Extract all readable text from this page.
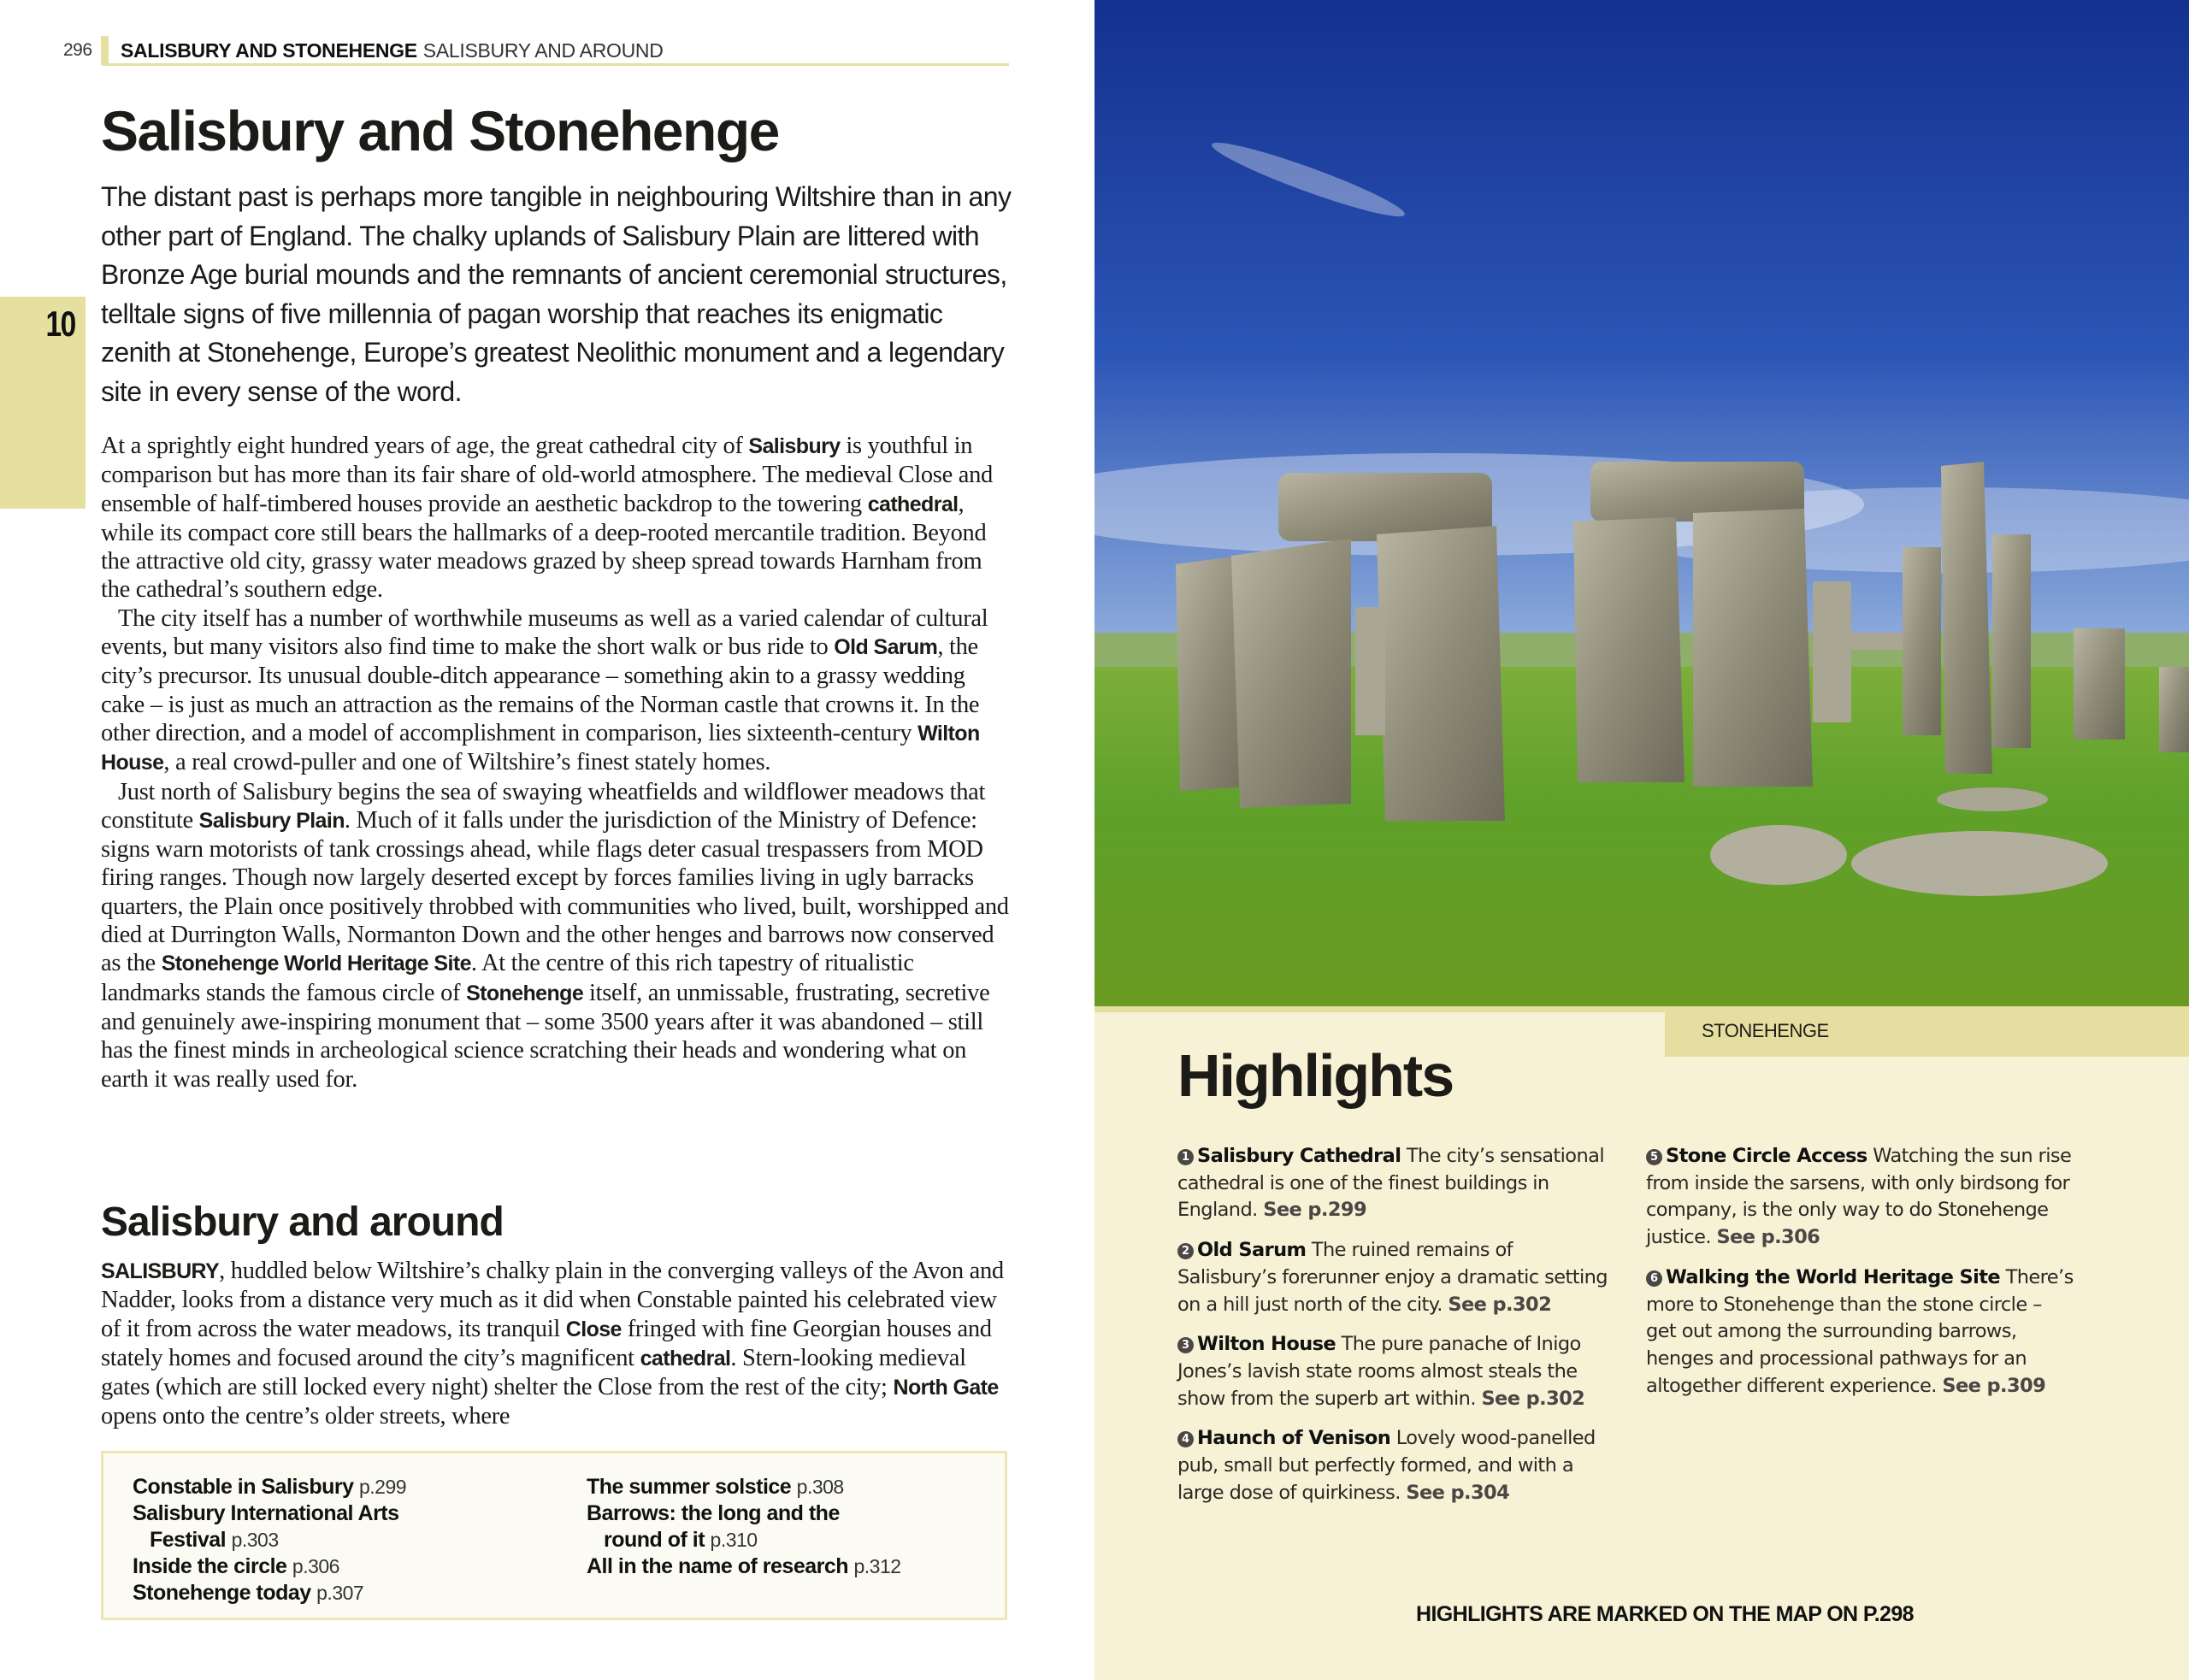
296	SALISBURY AND STONEHENGE SALISBURY AND AROUND
10
Salisbury and Stonehenge

The distant past is perhaps more tangible in neighbouring Wiltshire than in any other part of England. The chalky uplands of Salisbury Plain are littered with Bronze Age burial mounds and the remnants of ancient ceremonial structures, telltale signs of five millennia of pagan worship that reaches its enigmatic zenith at Stonehenge, Europe’s greatest Neolithic monument and a legendary site in every sense of the word.

At a sprightly eight hundred years of age, the great cathedral city of Salisbury is youthful in comparison but has more than its fair share of old-world atmosphere. The medieval Close and ensemble of half-timbered houses provide an aesthetic backdrop to the towering cathedral, while its compact core still bears the hallmarks of a deep-rooted mercantile tradition. Beyond the attractive old city, grassy water meadows grazed by sheep spread towards Harnham from the cathedral’s southern edge.

The city itself has a number of worthwhile museums as well as a varied calendar of cultural events, but many visitors also find time to make the short walk or bus ride to Old Sarum, the city’s precursor. Its unusual double-ditch appearance – something akin to a grassy wedding cake – is just as much an attraction as the remains of the Norman castle that crowns it. In the other direction, and a model of accomplishment in comparison, lies sixteenth-century Wilton House, a real crowd-puller and one of Wiltshire’s finest stately homes.

Just north of Salisbury begins the sea of swaying wheatfields and wildflower meadows that constitute Salisbury Plain. Much of it falls under the jurisdiction of the Ministry of Defence: signs warn motorists of tank crossings ahead, while flags deter casual trespassers from MOD firing ranges. Though now largely deserted except by forces families living in ugly barracks quarters, the Plain once positively throbbed with communities who lived, built, worshipped and died at Durrington Walls, Normanton Down and the other henges and barrows now conserved as the Stonehenge World Heritage Site. At the centre of this rich tapestry of ritualistic landmarks stands the famous circle of Stonehenge itself, an unmissable, frustrating, secretive and genuinely awe-inspiring monument that – some 3500 years after it was abandoned – still has the finest minds in archeological science scratching their heads and wondering what on earth it was really used for.

Salisbury and around

SALISBURY, huddled below Wiltshire’s chalky plain in the converging valleys of the Avon and Nadder, looks from a distance very much as it did when Constable painted his celebrated view of it from across the water meadows, its tranquil Close fringed with fine Georgian houses and stately homes and focused around the city’s magnificent cathedral. Stern-looking medieval gates (which are still locked every night) shelter the Close from the rest of the city; North Gate opens onto the centre’s older streets, where

Constable in Salisbury p.299
Salisbury International Arts
Festival p.303
Inside the circle p.306
Stonehenge today p.307
The summer solstice p.308
Barrows: the long and the
round of it p.310
All in the name of research p.312
STONEHENGE
Highlights
1 Salisbury Cathedral The city’s sensational cathedral is one of the finest buildings in England. See p.299
2 Old Sarum The ruined remains of Salisbury’s forerunner enjoy a dramatic setting on a hill just north of the city. See p.302
3 Wilton House The pure panache of Inigo Jones’s lavish state rooms almost steals the show from the superb art within. See p.302
4 Haunch of Venison Lovely wood-panelled pub, small but perfectly formed, and with a large dose of quirkiness. See p.304
5 Stone Circle Access Watching the sun rise from inside the sarsens, with only birdsong for company, is the only way to do Stonehenge justice. See p.306
6 Walking the World Heritage Site There’s more to Stonehenge than the stone circle – get out among the surrounding barrows, henges and processional pathways for an altogether different experience. See p.309
HIGHLIGHTS ARE MARKED ON THE MAP ON P.298
